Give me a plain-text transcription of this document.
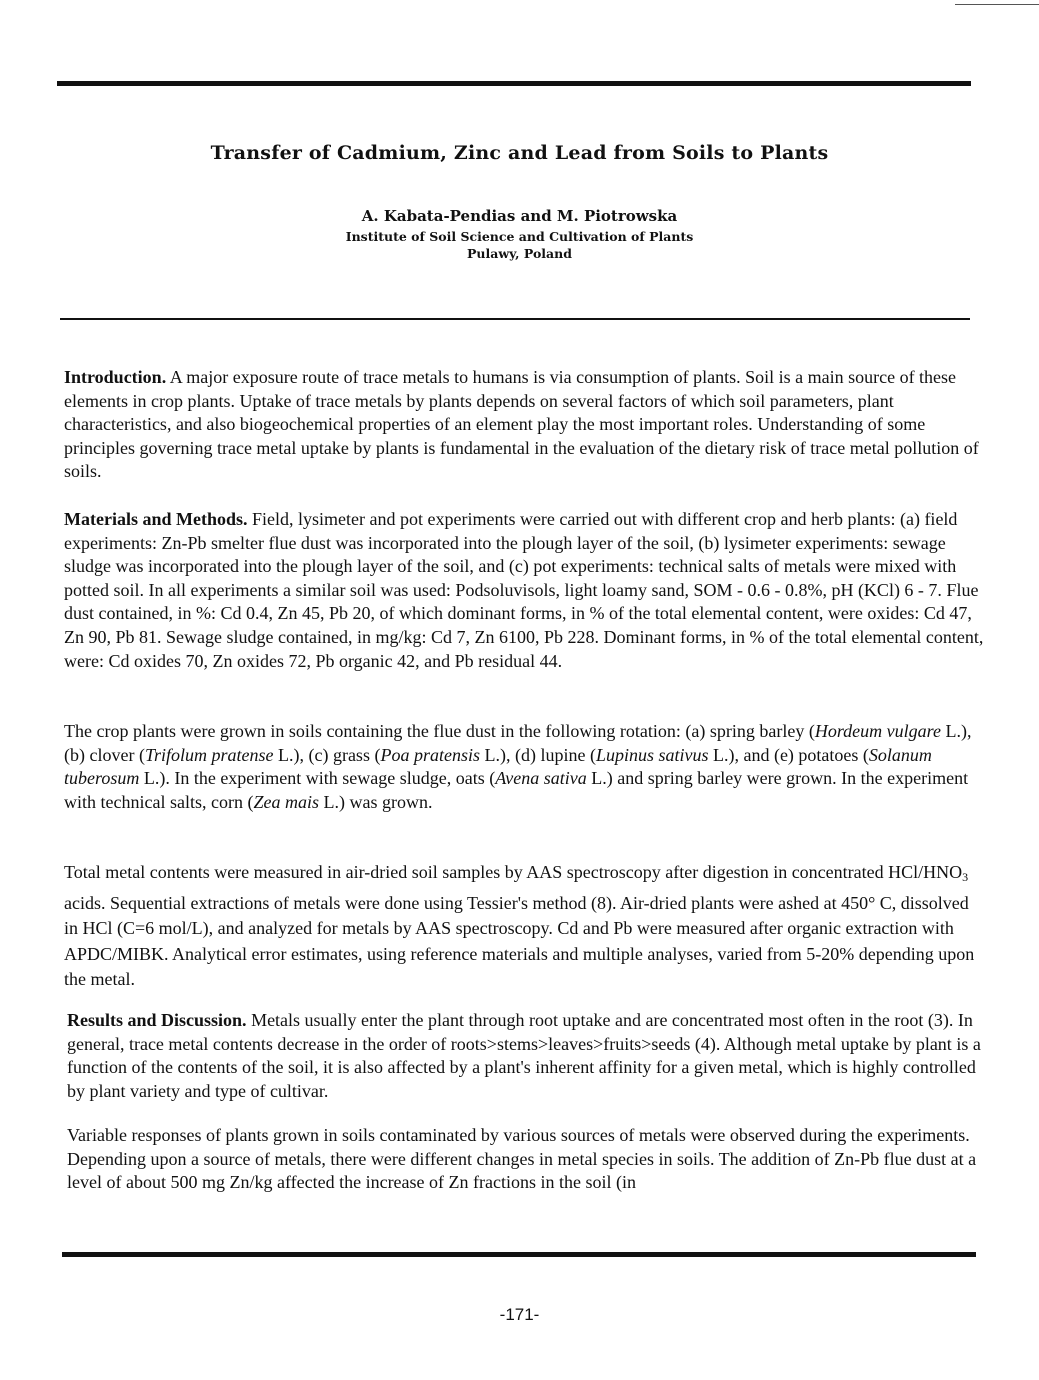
Transfer of Cadmium, Zinc and Lead from Soils to Plants
A. Kabata-Pendias and M. Piotrowska
Institute of Soil Science and Cultivation of Plants
Pulawy, Poland
Introduction. A major exposure route of trace metals to humans is via consumption of plants. Soil is a main source of these elements in crop plants. Uptake of trace metals by plants depends on several factors of which soil parameters, plant characteristics, and also biogeochemical properties of an element play the most important roles. Understanding of some principles governing trace metal uptake by plants is fundamental in the evaluation of the dietary risk of trace metal pollution of soils.
Materials and Methods. Field, lysimeter and pot experiments were carried out with different crop and herb plants: (a) field experiments: Zn-Pb smelter flue dust was incorporated into the plough layer of the soil, (b) lysimeter experiments: sewage sludge was incorporated into the plough layer of the soil, and (c) pot experiments: technical salts of metals were mixed with potted soil. In all experiments a similar soil was used: Podsoluvisols, light loamy sand, SOM - 0.6 - 0.8%, pH (KCl) 6 - 7. Flue dust contained, in %: Cd 0.4, Zn 45, Pb 20, of which dominant forms, in % of the total elemental content, were oxides: Cd 47, Zn 90, Pb 81. Sewage sludge contained, in mg/kg: Cd 7, Zn 6100, Pb 228. Dominant forms, in % of the total elemental content, were: Cd oxides 70, Zn oxides 72, Pb organic 42, and Pb residual 44.
The crop plants were grown in soils containing the flue dust in the following rotation: (a) spring barley (Hordeum vulgare L.), (b) clover (Trifolum pratense L.), (c) grass (Poa pratensis L.), (d) lupine (Lupinus sativus L.), and (e) potatoes (Solanum tuberosum L.). In the experiment with sewage sludge, oats (Avena sativa L.) and spring barley were grown. In the experiment with technical salts, corn (Zea mais L.) was grown.
Total metal contents were measured in air-dried soil samples by AAS spectroscopy after digestion in concentrated HCl/$HNO_3$ acids. Sequential extractions of metals were done using Tessier's method (8). Air-dried plants were ashed at 450° C, dissolved in HCl (C=6 mol/L), and analyzed for metals by AAS spectroscopy. Cd and Pb were measured after organic extraction with APDC/MIBK. Analytical error estimates, using reference materials and multiple analyses, varied from 5-20% depending upon the metal.
Results and Discussion. Metals usually enter the plant through root uptake and are concentrated most often in the root (3). In general, trace metal contents decrease in the order of roots>stems>leaves>fruits>seeds (4). Although metal uptake by plant is a function of the contents of the soil, it is also affected by a plant's inherent affinity for a given metal, which is highly controlled by plant variety and type of cultivar.
Variable responses of plants grown in soils contaminated by various sources of metals were observed during the experiments. Depending upon a source of metals, there were different changes in metal species in soils. The addition of Zn-Pb flue dust at a level of about 500 mg Zn/kg affected the increase of Zn fractions in the soil (in
-171-
